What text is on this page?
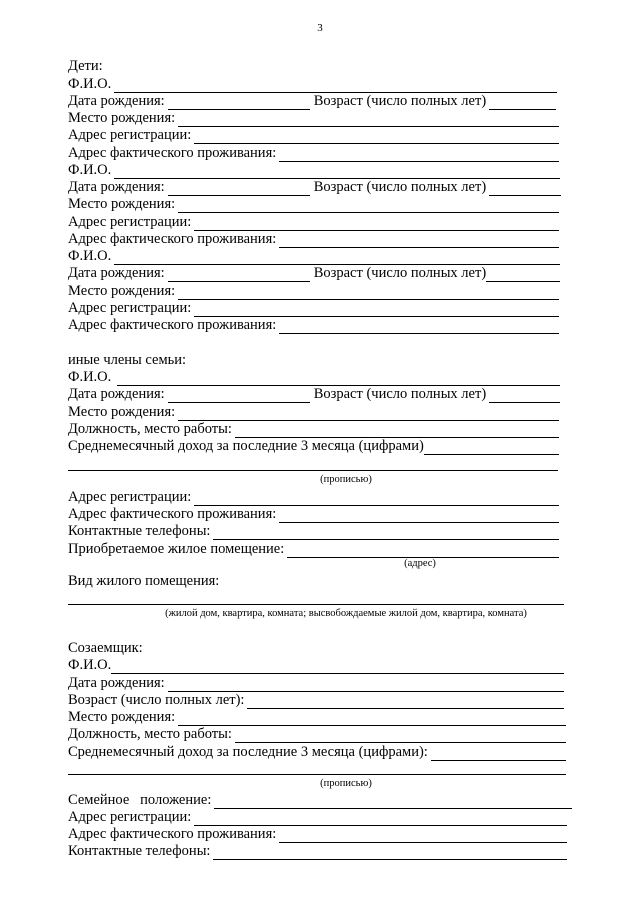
3
Дети:
Ф.И.О.
Дата рождения:	Возраст (число полных лет)
Место рождения:
Адрес регистрации:
Адрес фактического проживания:
Ф.И.О.
Дата рождения:	Возраст (число полных лет)
Место рождения:
Адрес регистрации:
Адрес фактического проживания:
Ф.И.О.
Дата рождения:	Возраст (число полных лет)
Место рождения:
Адрес регистрации:
Адрес фактического проживания:
иные члены семьи:
Ф.И.О.
Дата рождения:	Возраст (число полных лет)
Место рождения:
Должность, место работы:
Среднемесячный доход за последние 3 месяца (цифрами)
(прописью)
Адрес регистрации:
Адрес фактического проживания:
Контактные телефоны:
Приобретаемое жилое помещение:
(адрес)
Вид жилого помещения:
(жилой дом, квартира, комната; высвобождаемые жилой дом, квартира, комната)
Созаемщик:
Ф.И.О.
Дата рождения:
Возраст (число полных лет):
Место рождения:
Должность, место работы:
Среднемесячный доход за последние 3 месяца (цифрами):
(прописью)
Семейное   положение:
Адрес регистрации:
Адрес фактического проживания:
Контактные телефоны:
